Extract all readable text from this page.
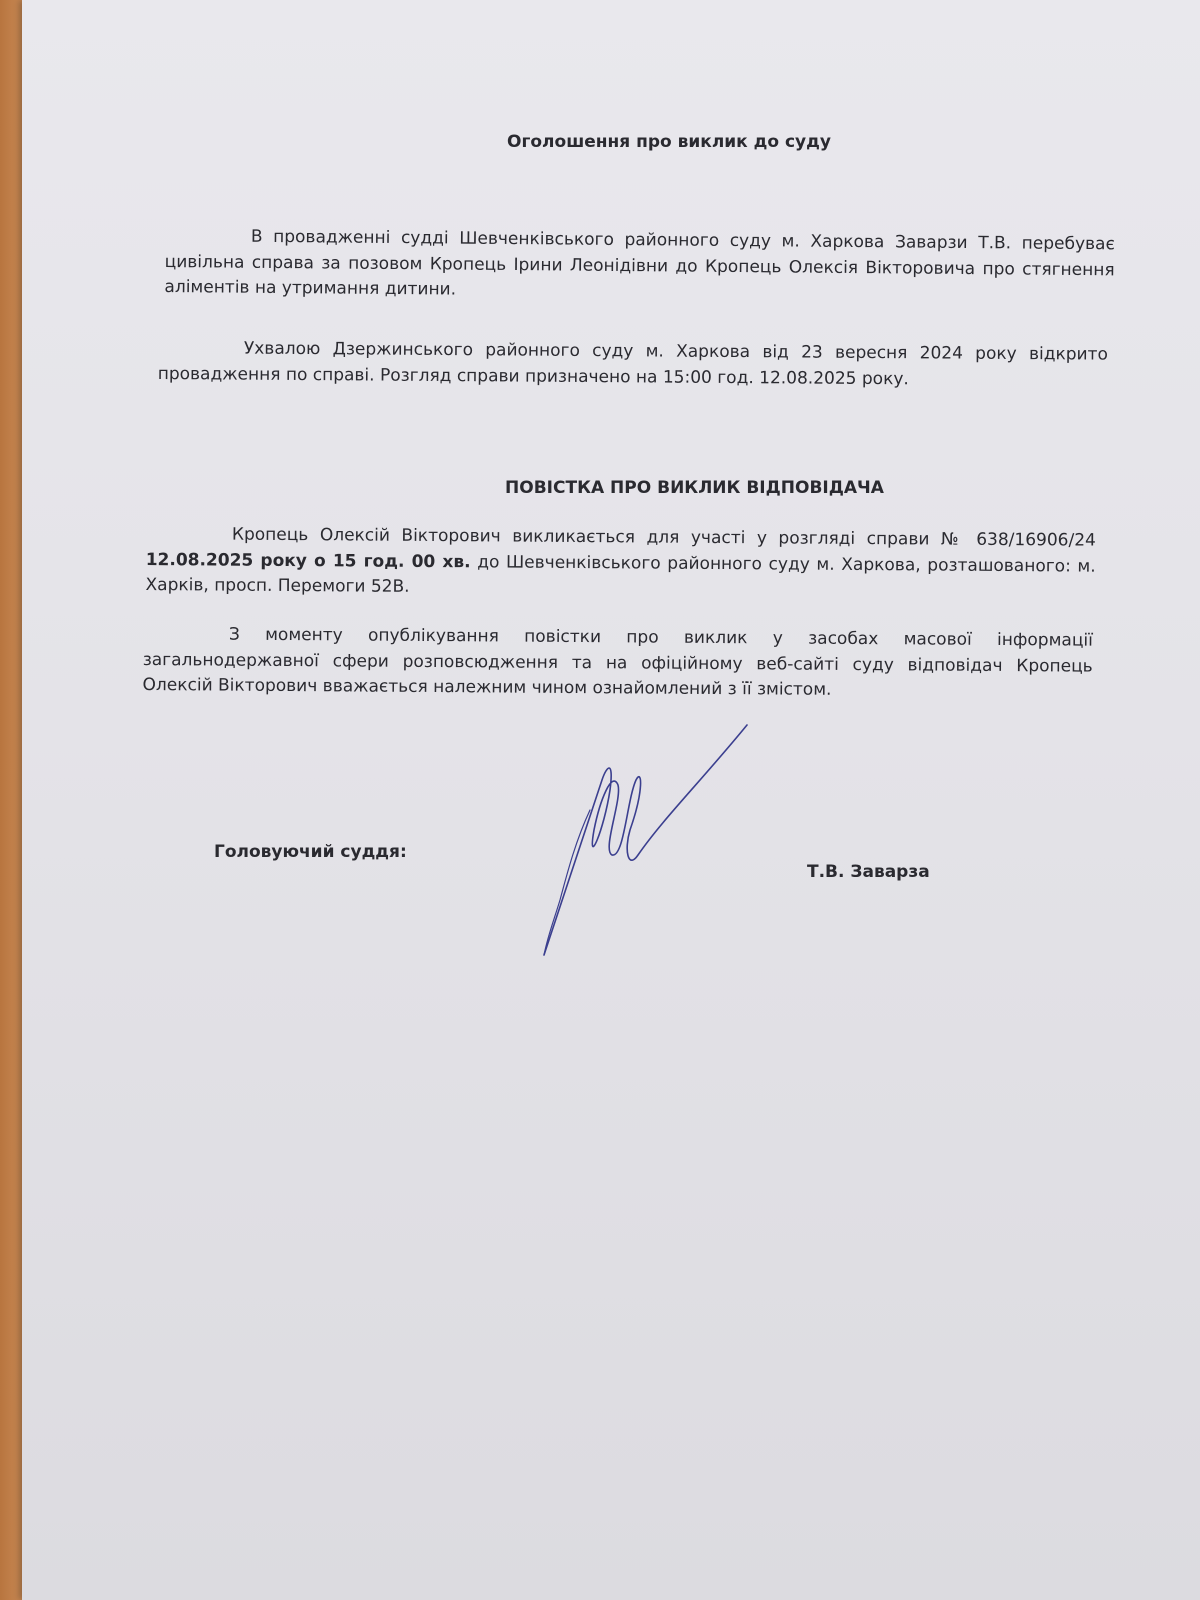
Оголошення про виклик до суду

В провадженні судді Шевченківського районного суду м. Харкова Заварзи Т.В. перебуває цивільна справа за позовом Кропець Ірини Леонідівни до Кропець Олексія Вікторовича про стягнення аліментів на утримання дитини.

Ухвалою Дзержинського районного суду м. Харкова від 23 вересня 2024 року відкрито провадження по справі. Розгляд справи призначено на 15:00 год. 12.08.2025 року.

ПОВІСТКА ПРО ВИКЛИК ВІДПОВІДАЧА

Кропець Олексій Вікторович викликається для участі у розгляді справи № 638/16906/24 12.08.2025 року о 15 год. 00 хв. до Шевченківського районного суду м. Харкова, розташованого: м. Харків, просп. Перемоги 52В.

З моменту опублікування повістки про виклик у засобах масової інформації загальнодержавної сфери розповсюдження та на офіційному веб-сайті суду відповідач Кропець Олексій Вікторович вважається належним чином ознайомлений з її змістом.

Головуючий суддя:
Т.В. Заварза
